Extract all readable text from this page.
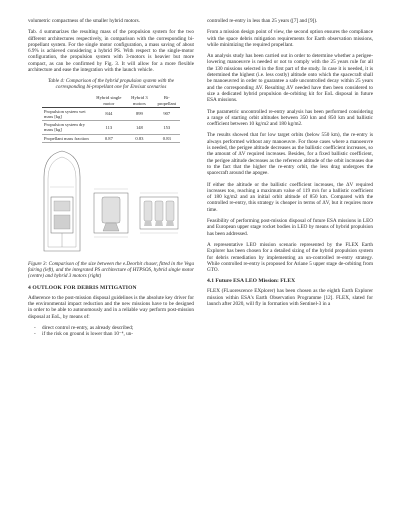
volumetric compactness of the smaller hybrid motors.

Tab. 4 summarizes the resulting mass of the propulsion system for the two different architectures respectively, in comparison with the corresponding bi-propellant system. For the single motor configuration, a mass saving of about 6.9% is achieved considering a hybrid PS. With respect to the single-motor configuration, the propulsion system with 3-motors is heavier but more compact, as can be confirmed by Fig. 3. It will allow for a more flexible architecture and ease the integration with the launch vehicle.

Table 4: Comparison of the hybrid propulsion system with the corresponding bi-propellant one for Envisat scenarios

	Hybrid single motor	Hybrid 3 motors	Bi-propellant
Propulsion system wet mass [kg]	844	899	907
Propulsion system dry mass [kg]	113	148	153
Propellant mass fraction	0.87	0.83	0.83

Figure 3: Comparison of the size between the e.Deorbit chaser, fitted in the Vega fairing (left), and the integrated PS architecture of HTPSOS, hybrid single motor (centre) and hybrid 3 motors (right)

4 OUTLOOK FOR DEBRIS MITIGATION

Adherence to the post-mission disposal guidelines is the absolute key driver for the environmental impact reduction and the new missions have to be designed in order to be able to autonomously and in a reliable way perform post-mission disposal at EoL, by means of:

- direct control re-entry, as already described;
- if the risk on ground is lower than 10⁻⁴, un-

controlled re-entry in less than 25 years ([7] and [9]).

From a mission design point of view, the second option ensures the compliance with the space debris mitigation requirements for Earth observation missions, while minimizing the required propellant.

An analysis study has been carried out in order to determine whether a perigee-lowering manoeuvre is needed or not to comply with the 25 years rule for all the 130 missions selected in the first part of the study. In case it is needed, it is determined the highest (i.e. less costly) altitude onto which the spacecraft shall be manoeuvred in order to guarantee a safe uncontrolled decay within 25 years and the corresponding ΔV. Resulting ΔV needed have then been considered to size a dedicated hybrid propulsion de-orbiting kit for EoL disposal in future ESA missions.

The parametric uncontrolled re-entry analysis has been performed considering a range of starting orbit altitudes between 350 km and 850 km and ballistic coefficient between 10 kg/m2 and 180 kg/m2.

The results showed that for low target orbits (below 550 km), the re-entry is always performed without any manoeuvre. For those cases where a manoeuvre is needed, the perigee altitude decreases as the ballistic coefficient increases, so the amount of ΔV required increases. Besides, for a fixed ballistic coefficient, the perigee altitude decreases as the reference altitude of the orbit increases due to the fact that the higher the re-entry orbit, the less drag undergoes the spacecraft around the apogee.

If either the altitude or the ballistic coefficient increases, the ΔV required increases too, reaching a maximum value of 119 m/s for a ballistic coefficient of 180 kg/m2 and an initial orbit altitude of 850 km. Compared with the controlled re-entry, this strategy is cheaper in terms of ΔV, but it requires more time.

Feasibility of performing post-mission disposal of future ESA missions in LEO and European upper stage rocket bodies in LEO by means of hybrid propulsion has been addressed.

A representative LEO mission scenario represented by the FLEX Earth Explorer has been chosen for a detailed sizing of the hybrid propulsion system for debris remediation by implementing an un-controlled re-entry strategy. While controlled re-entry is proposed for Ariane 5 upper stage de-orbiting from GTO.

4.1 Future ESA LEO Mission: FLEX

FLEX (FLuorescence EXplorer) has been chosen as the eighth Earth Explorer mission within ESA's Earth Observation Programme [12]. FLEX, slated for launch after 2020, will fly in formation with Sentinel-3 in a
